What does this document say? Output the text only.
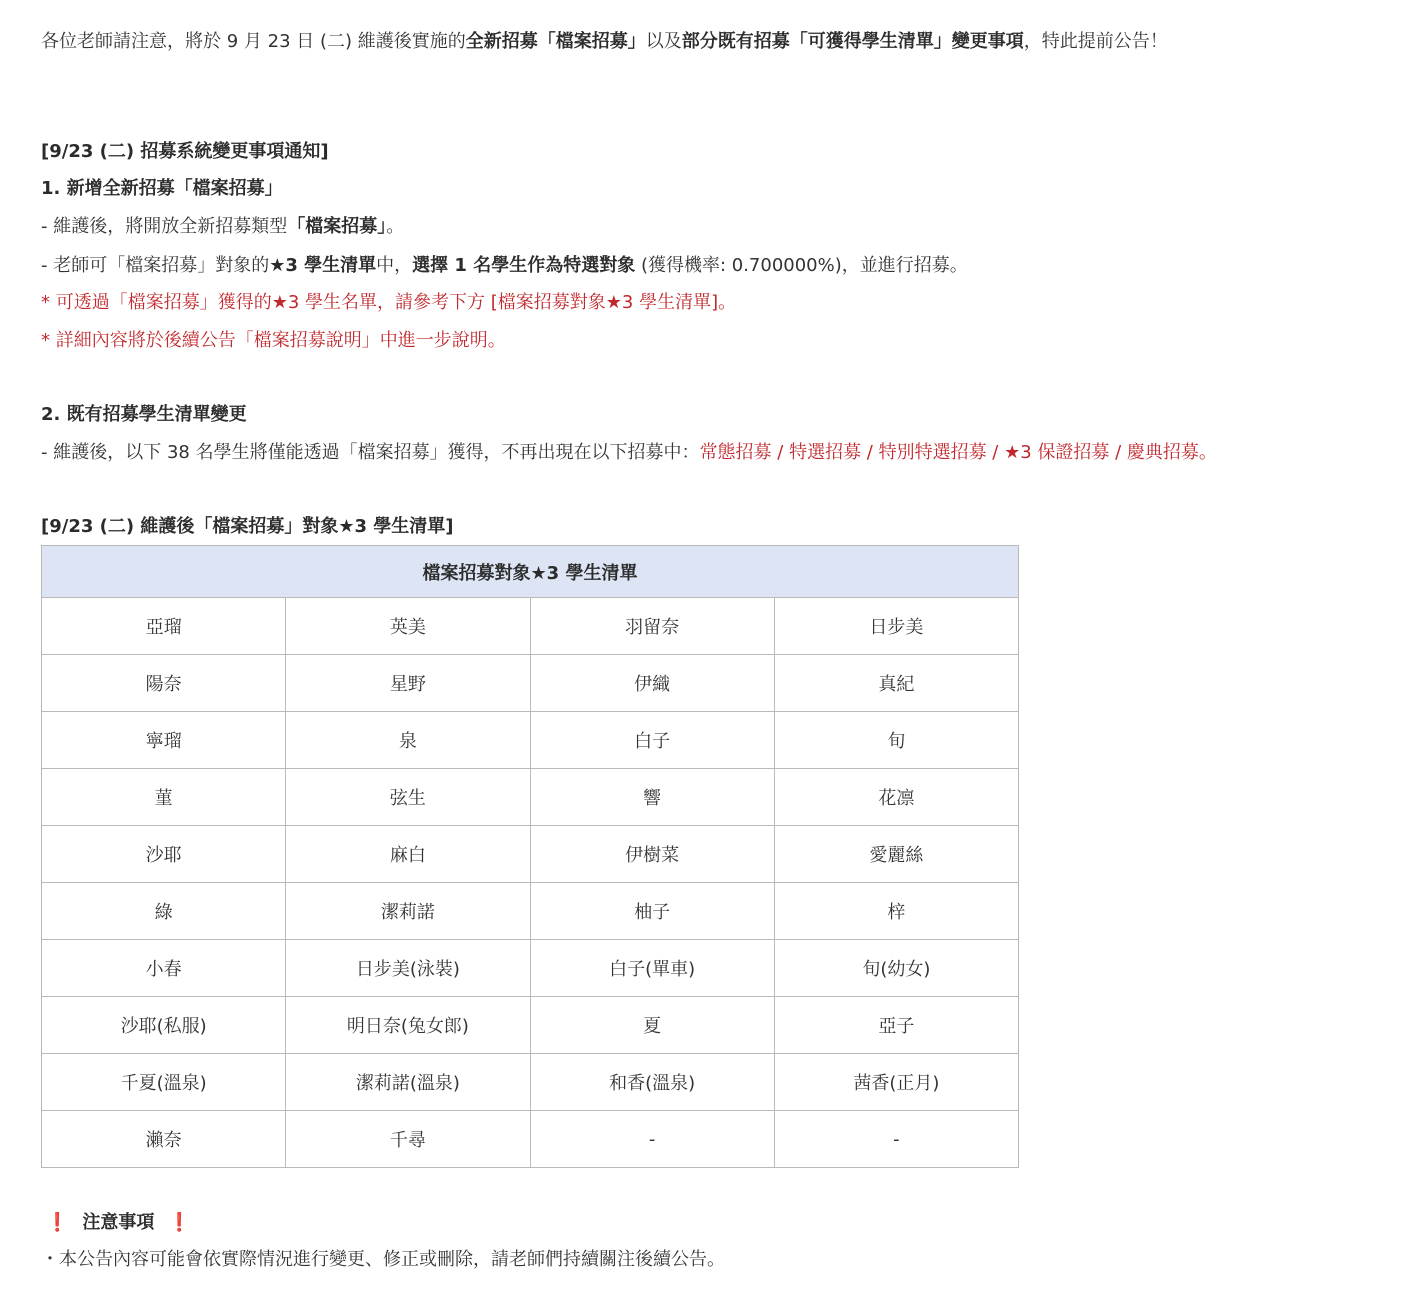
各位老師請注意，將於 9 月 23 日 (二) 維護後實施的全新招募「檔案招募」以及部分既有招募「可獲得學生清單」變更事項，特此提前公告！
[9/23 (二) 招募系統變更事項通知]
1. 新增全新招募「檔案招募」
- 維護後，將開放全新招募類型「檔案招募」。
- 老師可「檔案招募」對象的★3 學生清單中，選擇 1 名學生作為特選對象 (獲得機率: 0.700000%)，並進行招募。
* 可透過「檔案招募」獲得的★3 學生名單，請參考下方 [檔案招募對象★3 學生清單]。
* 詳細內容將於後續公告「檔案招募說明」中進一步說明。
2. 既有招募學生清單變更
- 維護後，以下 38 名學生將僅能透過「檔案招募」獲得，不再出現在以下招募中：常態招募 / 特選招募 / 特別特選招募 / ★3 保證招募 / 慶典招募。
[9/23 (二) 維護後「檔案招募」對象★3 學生清單]
檔案招募對象★3 學生清單			
亞瑠	英美	羽留奈	日步美
陽奈	星野	伊織	真紀
寧瑠	泉	白子	旬
菫	弦生	響	花凛
沙耶	麻白	伊樹菜	愛麗絲
綠	潔莉諾	柚子	梓
小春	日步美(泳裝)	白子(單車)	旬(幼女)
沙耶(私服)	明日奈(兔女郎)	夏	亞子
千夏(溫泉)	潔莉諾(溫泉)	和香(溫泉)	茜香(正月)
瀨奈	千尋	-	-
❗ 注意事項 ❗
・本公告內容可能會依實際情況進行變更、修正或刪除，請老師們持續關注後續公告。
